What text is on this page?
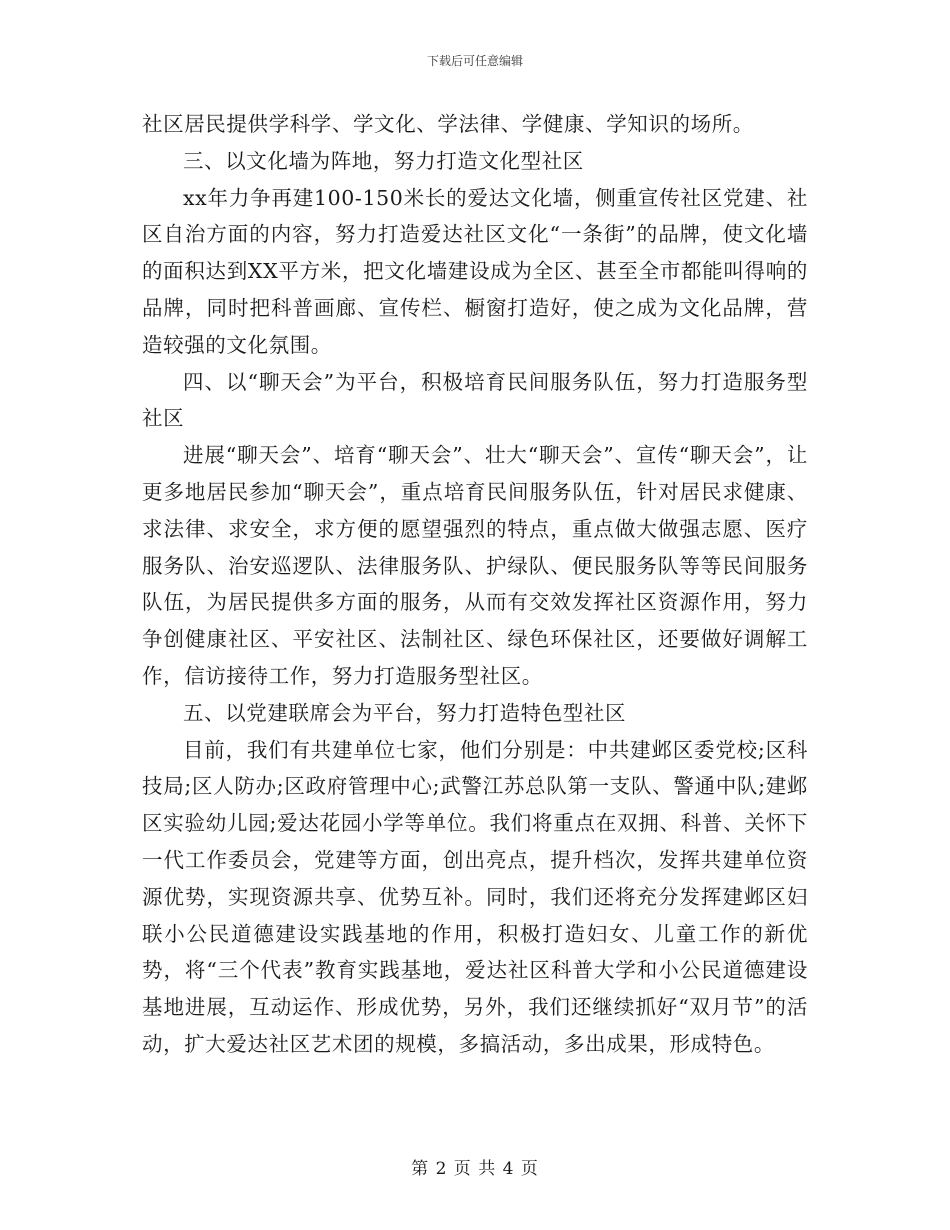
下载后可任意编辑

社区居民提供学科学、学文化、学法律、学健康、学知识的场所。

三、以文化墙为阵地，努力打造文化型社区

xx年力争再建100-150米长的爱达文化墙，侧重宣传社区党建、社区自治方面的内容，努力打造爱达社区文化“一条街”的品牌，使文化墙的面积达到XX平方米，把文化墙建设成为全区、甚至全市都能叫得响的品牌，同时把科普画廊、宣传栏、橱窗打造好，使之成为文化品牌，营造较强的文化氛围。

四、以“聊天会”为平台，积极培育民间服务队伍，努力打造服务型社区

进展“聊天会”、培育“聊天会”、壮大“聊天会”、宣传“聊天会”，让更多地居民参加“聊天会”，重点培育民间服务队伍，针对居民求健康、求法律、求安全，求方便的愿望强烈的特点，重点做大做强志愿、医疗服务队、治安巡逻队、法律服务队、护绿队、便民服务队等等民间服务队伍，为居民提供多方面的服务，从而有交效发挥社区资源作用，努力争创健康社区、平安社区、法制社区、绿色环保社区，还要做好调解工作，信访接待工作，努力打造服务型社区。

五、以党建联席会为平台，努力打造特色型社区

目前，我们有共建单位七家，他们分别是：中共建邺区委党校;区科技局;区人防办;区政府管理中心;武警江苏总队第一支队、警通中队;建邺区实验幼儿园;爱达花园小学等单位。我们将重点在双拥、科普、关怀下一代工作委员会，党建等方面，创出亮点，提升档次，发挥共建单位资源优势，实现资源共享、优势互补。同时，我们还将充分发挥建邺区妇联小公民道德建设实践基地的作用，积极打造妇女、儿童工作的新优势，将“三个代表”教育实践基地，爱达社区科普大学和小公民道德建设基地进展，互动运作、形成优势，另外，我们还继续抓好“双月节”的活动，扩大爱达社区艺术团的规模，多搞活动，多出成果，形成特色。

第 2 页 共 4 页
